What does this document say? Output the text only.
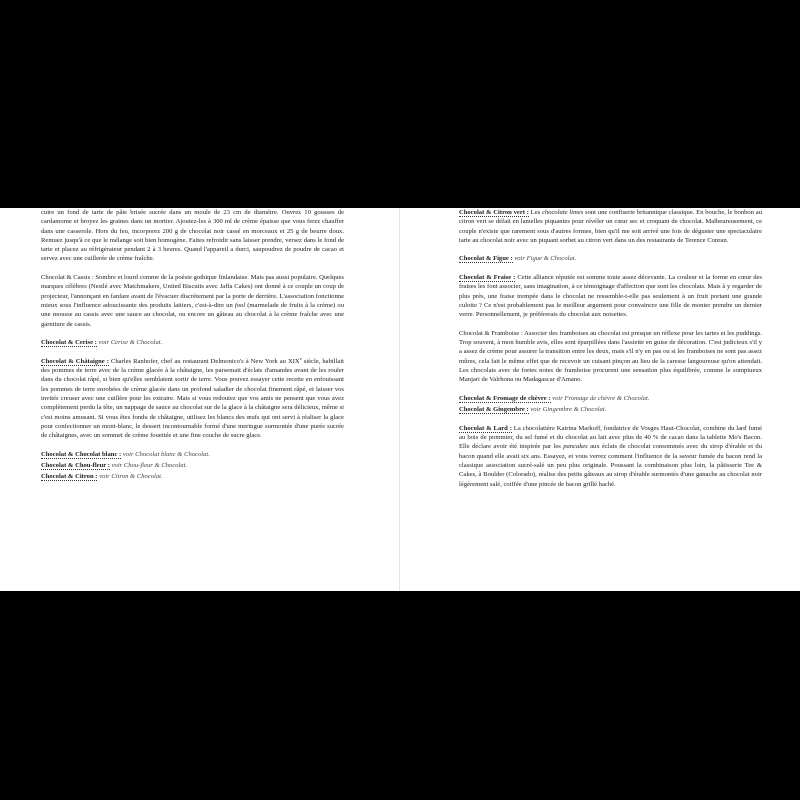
cuire un fond de tarte de pâte brisée sucrée dans un moule de 23 cm de diamètre. Ouvrez 10 gousses de cardamome et broyez les graines dans un mortier. Ajoutez-les à 300 ml de crème épaisse que vous ferez chauffer dans une casserole. Hors du feu, incorporez 200 g de chocolat noir cassé en morceaux et 25 g de beurre doux. Remuez jusqu'à ce que le mélange soit bien homogène. Faites refroidir sans laisser prendre, versez dans le fond de tarte et placez au réfrigérateur pendant 2 à 3 heures. Quand l'appareil a durci, saupoudrez de poudre de cacao et servez avec une cuillerée de crème fraîche.

Chocolat & Cassis : Sombre et lourd comme de la poésie gothique finlandaise. Mais pas aussi populaire. Quelques marques célèbres (Nestlé avec Matchmakers, United Biscuits avec Jaffa Cakes) ont donné à ce couple un coup de projecteur, l'annonçant en fanfare avant de l'évacuer discrètement par la porte de derrière. L'association fonctionne mieux sous l'influence adoucissante des produits laitiers, c'est-à-dire un fool (marmelade de fruits à la crème) ou une mousse au cassis avec une sauce au chocolat, ou encore un gâteau au chocolat à la crème fraîche avec une garniture de cassis.

Chocolat & Cerise : voir Cerise & Chocolat.

Chocolat & Châtaigne : Charles Ranhofer, chef au restaurant Delmonico's à New York au XIXe siècle, habillait des pommes de terre avec de la crème glacée à la châtaigne, les parsemait d'éclats d'amandes avant de les rouler dans du chocolat râpé, si bien qu'elles semblaient sortir de terre. Vous pouvez essayer cette recette en enfouissant les pommes de terre enrobées de crème glacée dans un profond saladier de chocolat finement râpé, et laisser vos invités creuser avec une cuillère pour les extraire. Mais si vous redoutez que vos amis ne pensent que vous avez complètement perdu la tête, un nappage de sauce au chocolat sur de la glace à la châtaigne sera délicieux, même si c'est moins amusant. Si vous êtes fondu de châtaigne, utilisez les blancs des œufs qui ont servi à réaliser la glace pour confectionner un mont-blanc, le dessert incontournable formé d'une meringue surmontée d'une purée sucrée de châtaignes, avec un sommet de crème fouettée et une fine couche de sucre glace.

Chocolat & Chocolat blanc : voir Chocolat blanc & Chocolat.

Chocolat & Chou-fleur : voir Chou-fleur & Chocolat.

Chocolat & Citron : voir Citron & Chocolat.

Chocolat & Citron vert : Les chocolate limes sont une confiserie britannique classique. En bouche, le bonbon au citron vert se défait en lamelles piquantes pour révéler un cœur sec et croquant de chocolat. Malheureusement, ce couple n'existe que rarement sous d'autres formes, bien qu'il me soit arrivé une fois de déguster une spectaculaire tarte au chocolat noir avec un piquant sorbet au citron vert dans un des restaurants de Terence Conran.

Chocolat & Figue : voir Figue & Chocolat.

Chocolat & Fraise : Cette alliance réputée est somme toute assez décevante. La couleur et la forme en cœur des fraises les font associer, sans imagination, à ce témoignage d'affection que sont les chocolats. Mais à y regarder de plus près, une fraise trempée dans le chocolat ne ressemble-t-elle pas seulement à un fruit portant une grande culotte ? Ce n'est probablement pas le meilleur argument pour convaincre une fille de monter prendre un dernier verre. Personnellement, je préférerais du chocolat aux noisettes.

Chocolat & Framboise : Associer des framboises au chocolat est presque un réflexe pour les tartes et les puddings. Trop souvent, à mon humble avis, elles sont éparpillées dans l'assiette en guise de décoration. C'est judicieux s'il y a assez de crème pour assurer la transition entre les deux, mais s'il n'y en pas ou si les framboises ne sont pas assez mûres, cela fait le même effet que de recevoir un cuisant pinçon au lieu de la caresse langoureuse qu'on attendait. Les chocolats avec de fortes notes de framboise procurent une sensation plus équilibrée, comme le somptueux Manjari de Valrhona ou Madagascar d'Amano.

Chocolat & Fromage de chèvre : voir Fromage de chèvre & Chocolat.

Chocolat & Gingembre : voir Gingembre & Chocolat.

Chocolat & Lard : La chocolatière Katrina Markoff, fondatrice de Vosges Haut-Chocolat, combine du lard fumé au bois de pommier, du sel fumé et du chocolat au lait avec plus de 40 % de cacao dans la tablette Mo's Bacon. Elle déclare avoir été inspirée par les pancakes aux éclats de chocolat consommés avec du sirop d'érable et du bacon quand elle avait six ans. Essayez, et vous verrez comment l'influence de la saveur fumée du bacon rend la classique association sucré-salé un peu plus originale. Poussant la combinaison plus loin, la pâtisserie Tee & Cakes, à Boulder (Colorado), réalise des petits gâteaux au sirop d'érable surmontés d'une ganache au chocolat noir légèrement salé, coiffée d'une pincée de bacon grillé haché.
